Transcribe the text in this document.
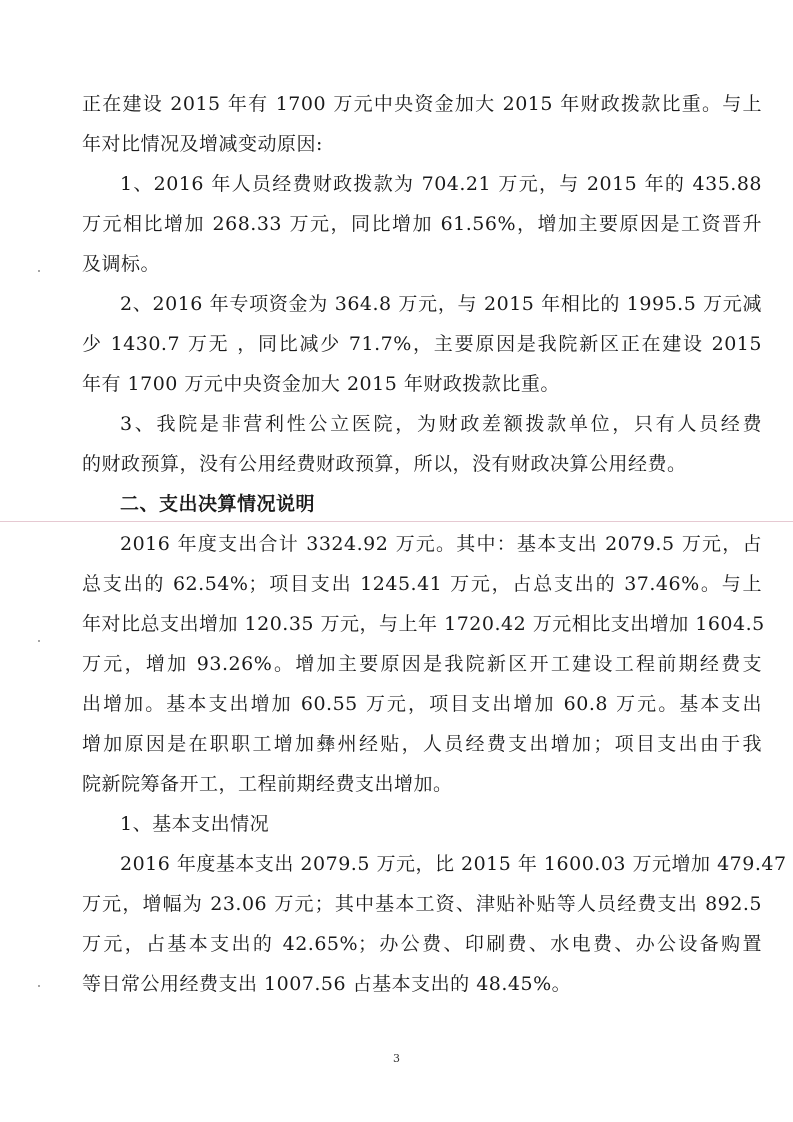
正在建设 2015 年有 1700 万元中央资金加大 2015 年财政拨款比重。与上
年对比情况及增减变动原因:
1、2016 年人员经费财政拨款为 704.21 万元，与 2015 年的 435.88
万元相比增加 268.33 万元，同比增加 61.56%，增加主要原因是工资晋升
及调标。
2、2016 年专项资金为 364.8 万元，与 2015 年相比的 1995.5 万元减
少 1430.7 万无 ，同比减少 71.7%，主要原因是我院新区正在建设 2015
年有 1700 万元中央资金加大 2015 年财政拨款比重。
3、我院是非营利性公立医院，为财政差额拨款单位，只有人员经费
的财政预算，没有公用经费财政预算，所以，没有财政决算公用经费。
二、支出决算情况说明
2016 年度支出合计 3324.92 万元。其中：基本支出 2079.5 万元，占
总支出的 62.54%；项目支出 1245.41 万元，占总支出的 37.46%。与上
年对比总支出增加 120.35 万元，与上年 1720.42 万元相比支出增加 1604.5
万元，增加 93.26%。增加主要原因是我院新区开工建设工程前期经费支
出增加。基本支出增加 60.55 万元，项目支出增加 60.8 万元。基本支出
增加原因是在职职工增加彝州经贴，人员经费支出增加；项目支出由于我
院新院筹备开工，工程前期经费支出增加。
1、基本支出情况
2016 年度基本支出 2079.5 万元，比 2015 年 1600.03 万元增加 479.47
万元，增幅为 23.06 万元；其中基本工资、津贴补贴等人员经费支出 892.5
万元，占基本支出的 42.65%；办公费、印刷费、水电费、办公设备购置
等日常公用经费支出 1007.56 占基本支出的 48.45%。
3
